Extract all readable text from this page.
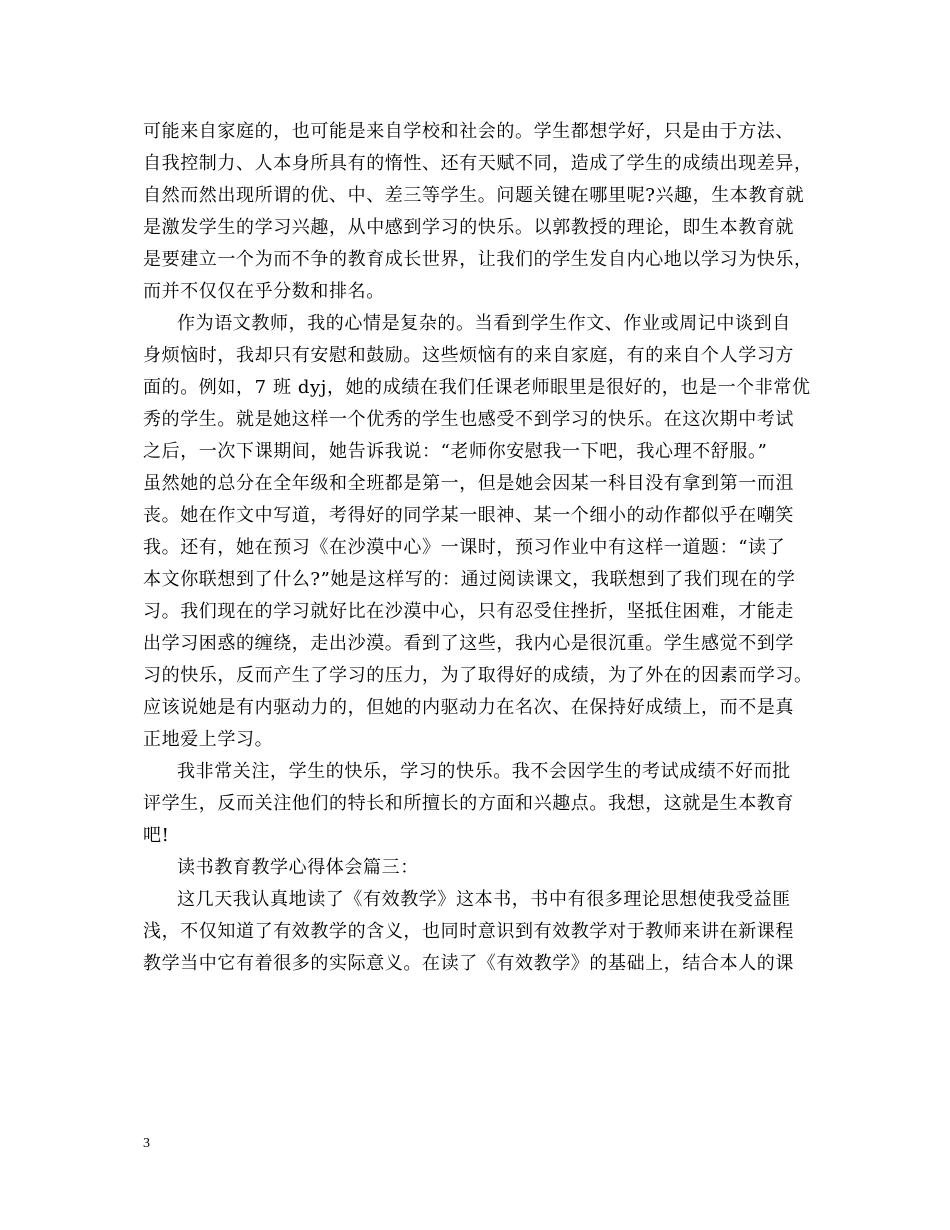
可能来自家庭的，也可能是来自学校和社会的。学生都想学好，只是由于方法、
自我控制力、人本身所具有的惰性、还有天赋不同，造成了学生的成绩出现差异，
自然而然出现所谓的优、中、差三等学生。问题关键在哪里呢?兴趣，生本教育就
是激发学生的学习兴趣，从中感到学习的快乐。以郭教授的理论，即生本教育就
是要建立一个为而不争的教育成长世界，让我们的学生发自内心地以学习为快乐，
而并不仅仅在乎分数和排名。
作为语文教师，我的心情是复杂的。当看到学生作文、作业或周记中谈到自
身烦恼时，我却只有安慰和鼓励。这些烦恼有的来自家庭，有的来自个人学习方
面的。例如，7 班 dyj，她的成绩在我们任课老师眼里是很好的，也是一个非常优
秀的学生。就是她这样一个优秀的学生也感受不到学习的快乐。在这次期中考试
之后，一次下课期间，她告诉我说：“老师你安慰我一下吧，我心理不舒服。”
虽然她的总分在全年级和全班都是第一，但是她会因某一科目没有拿到第一而沮
丧。她在作文中写道，考得好的同学某一眼神、某一个细小的动作都似乎在嘲笑
我。还有，她在预习《在沙漠中心》一课时，预习作业中有这样一道题：“读了
本文你联想到了什么?”她是这样写的：通过阅读课文，我联想到了我们现在的学
习。我们现在的学习就好比在沙漠中心，只有忍受住挫折，坚抵住困难，才能走
出学习困惑的缠绕，走出沙漠。看到了这些，我内心是很沉重。学生感觉不到学
习的快乐，反而产生了学习的压力，为了取得好的成绩，为了外在的因素而学习。
应该说她是有内驱动力的，但她的内驱动力在名次、在保持好成绩上，而不是真
正地爱上学习。
我非常关注，学生的快乐，学习的快乐。我不会因学生的考试成绩不好而批
评学生，反而关注他们的特长和所擅长的方面和兴趣点。我想，这就是生本教育
吧!
读书教育教学心得体会篇三：
这几天我认真地读了《有效教学》这本书，书中有很多理论思想使我受益匪
浅，不仅知道了有效教学的含义，也同时意识到有效教学对于教师来讲在新课程
教学当中它有着很多的实际意义。在读了《有效教学》的基础上，结合本人的课
3
